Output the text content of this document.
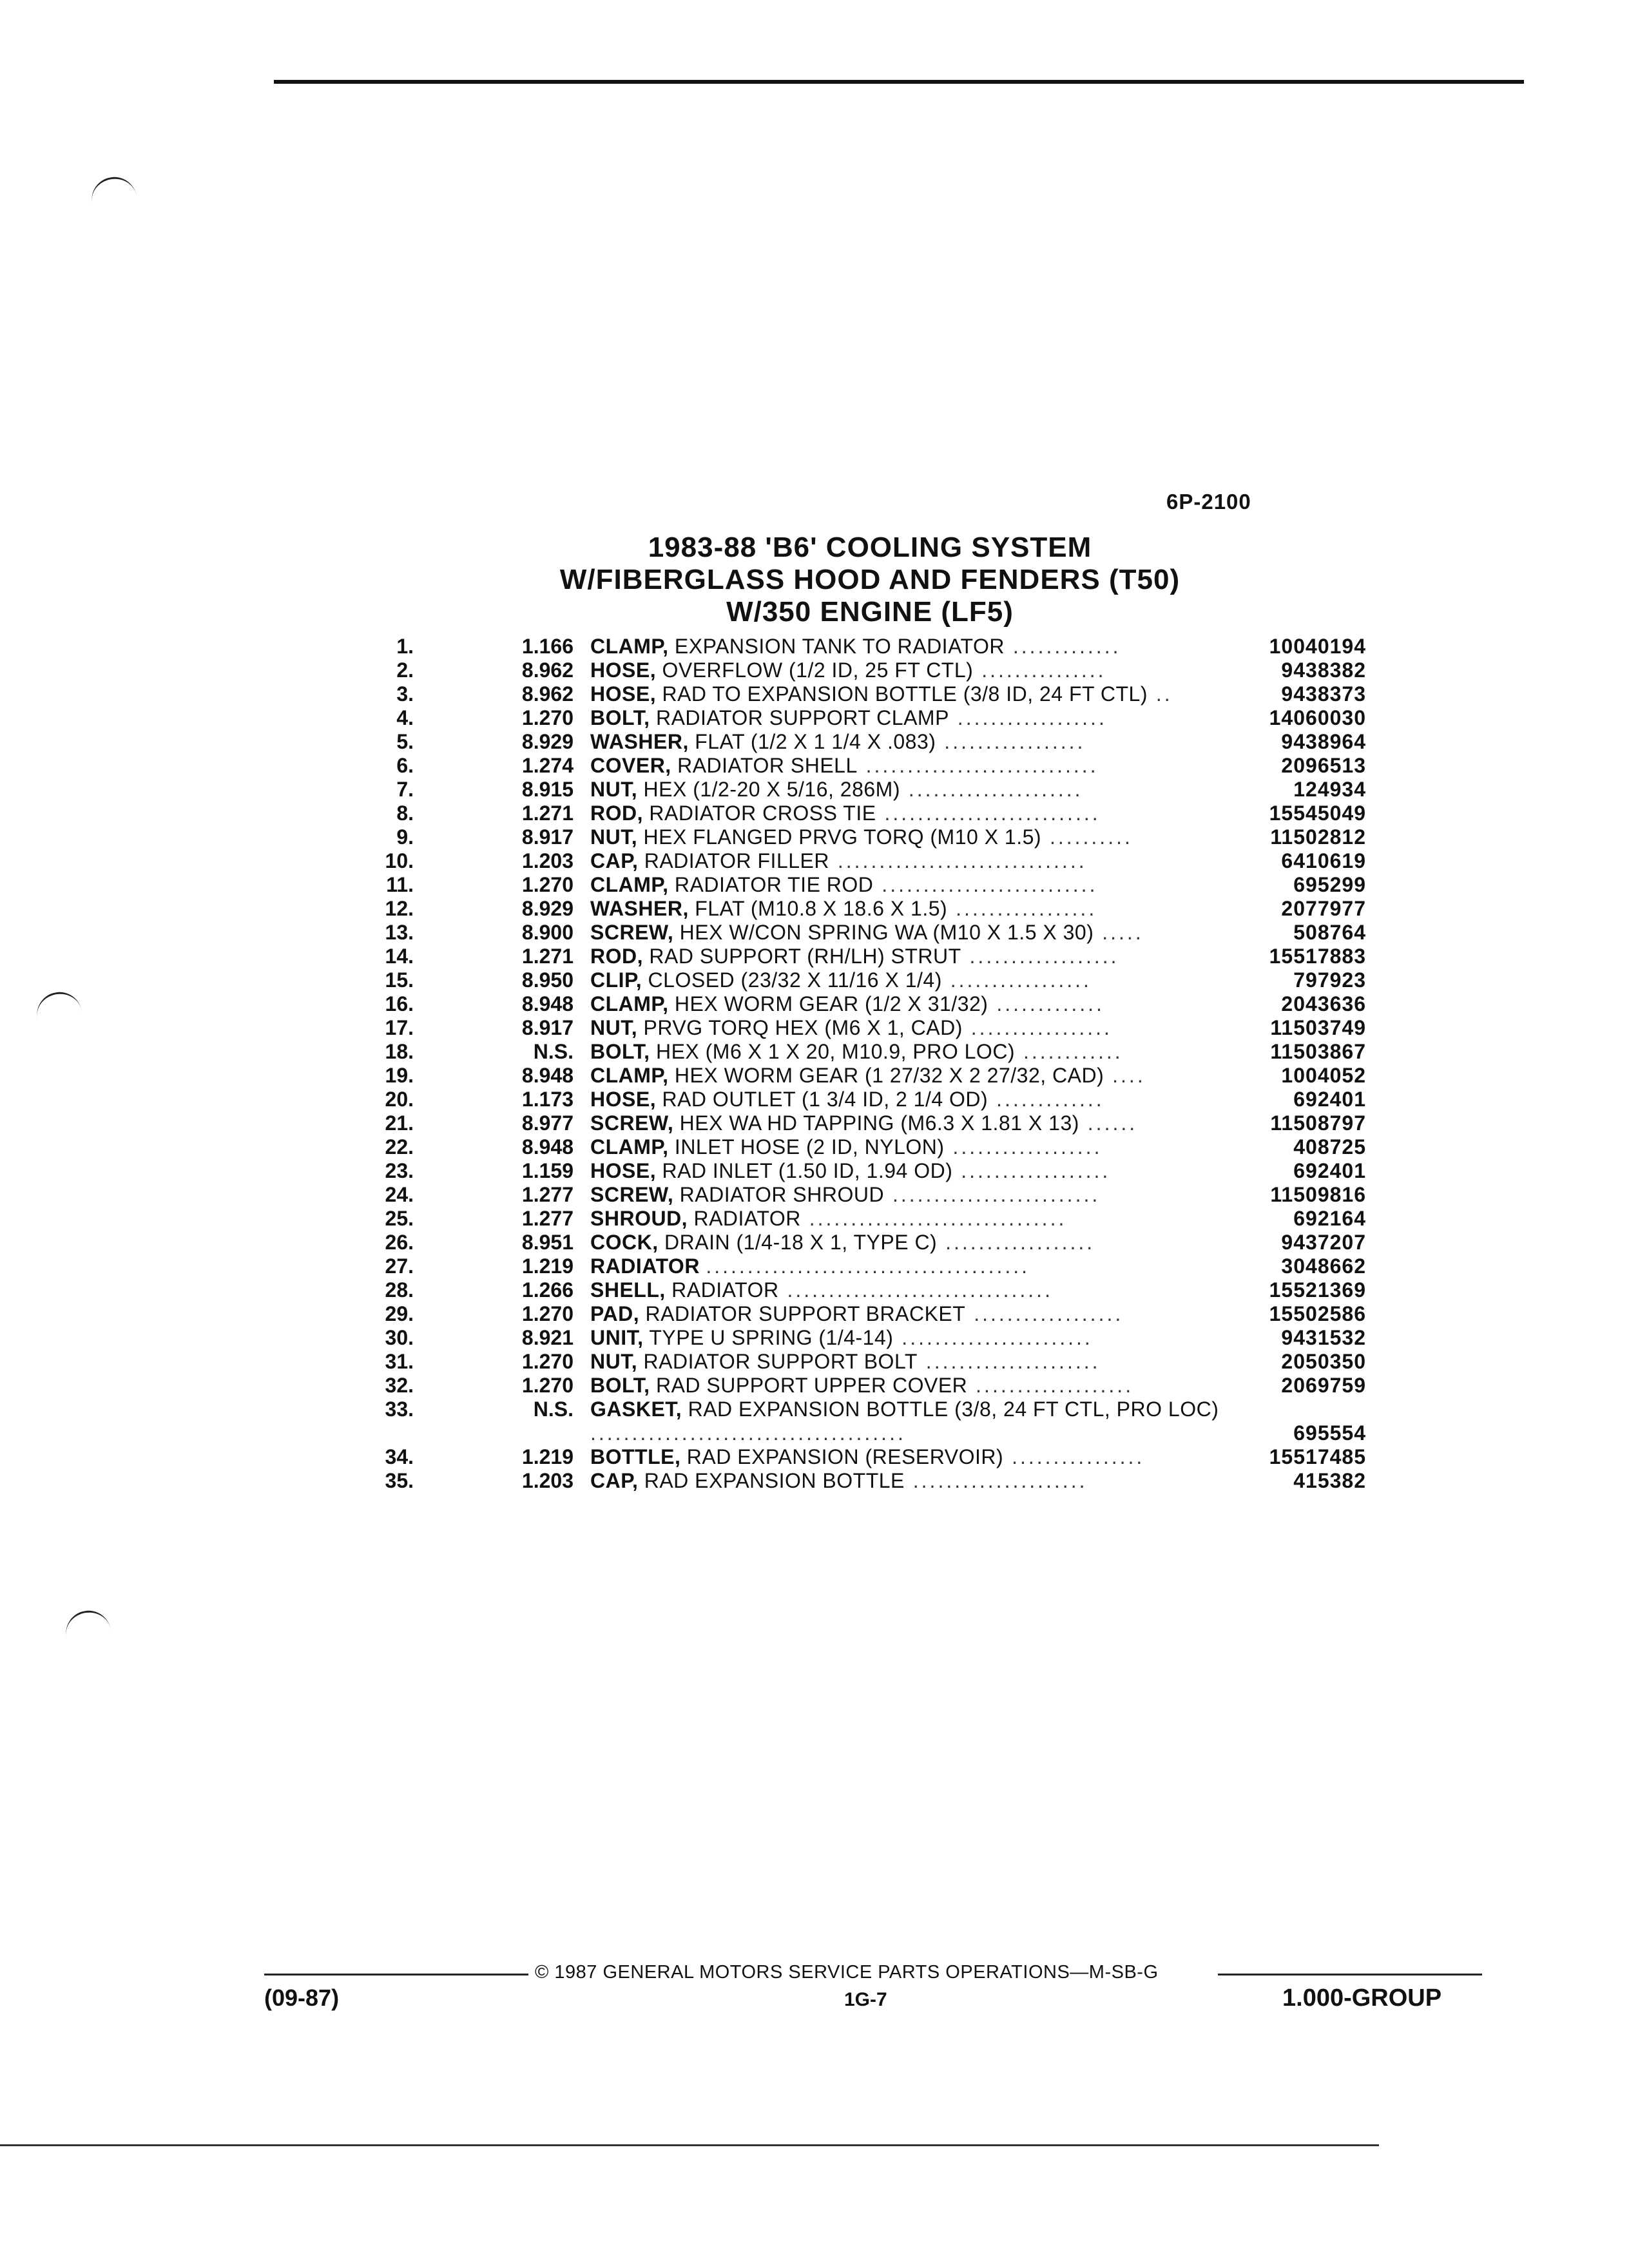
6P-2100
1983-88 'B6' COOLING SYSTEM
W/FIBERGLASS HOOD AND FENDERS (T50)
W/350 ENGINE (LF5)
1.	1.166 CLAMP, EXPANSION TANK TO RADIATOR .............	10040194
2.	8.962 HOSE, OVERFLOW (1/2 ID, 25 FT CTL) ...............	9438382
3.	8.962 HOSE, RAD TO EXPANSION BOTTLE (3/8 ID, 24 FT CTL) ..	9438373
4.	1.270 BOLT, RADIATOR SUPPORT CLAMP ..................	14060030
5.	8.929 WASHER, FLAT (1/2 X 1 1/4 X .083) .................	9438964
6.	1.274 COVER, RADIATOR SHELL ............................	2096513
7.	8.915 NUT, HEX (1/2-20 X 5/16, 286M) .....................	124934
8.	1.271 ROD, RADIATOR CROSS TIE ..........................	15545049
9.	8.917 NUT, HEX FLANGED PRVG TORQ (M10 X 1.5) ..........	11502812
10.	1.203 CAP, RADIATOR FILLER ..............................	6410619
11.	1.270 CLAMP, RADIATOR TIE ROD ..........................	695299
12.	8.929 WASHER, FLAT (M10.8 X 18.6 X 1.5) .................	2077977
13.	8.900 SCREW, HEX W/CON SPRING WA (M10 X 1.5 X 30) .....	508764
14.	1.271 ROD, RAD SUPPORT (RH/LH) STRUT ..................	15517883
15.	8.950 CLIP, CLOSED (23/32 X 11/16 X 1/4) .................	797923
16.	8.948 CLAMP, HEX WORM GEAR (1/2 X 31/32) .............	2043636
17.	8.917 NUT, PRVG TORQ HEX (M6 X 1, CAD) .................	11503749
18.	N.S. BOLT, HEX (M6 X 1 X 20, M10.9, PRO LOC) ............	11503867
19.	8.948 CLAMP, HEX WORM GEAR (1 27/32 X 2 27/32, CAD) ....	1004052
20.	1.173 HOSE, RAD OUTLET (1 3/4 ID, 2 1/4 OD) .............	692401
21.	8.977 SCREW, HEX WA HD TAPPING (M6.3 X 1.81 X 13) ......	11508797
22.	8.948 CLAMP, INLET HOSE (2 ID, NYLON) ..................	408725
23.	1.159 HOSE, RAD INLET (1.50 ID, 1.94 OD) ..................	692401
24.	1.277 SCREW, RADIATOR SHROUD .........................	11509816
25.	1.277 SHROUD, RADIATOR ...............................	692164
26.	8.951 COCK, DRAIN (1/4-18 X 1, TYPE C) ..................	9437207
27.	1.219 RADIATOR .......................................	3048662
28.	1.266 SHELL, RADIATOR ................................	15521369
29.	1.270 PAD, RADIATOR SUPPORT BRACKET ..................	15502586
30.	8.921 UNIT, TYPE U SPRING (1/4-14) .......................	9431532
31.	1.270 NUT, RADIATOR SUPPORT BOLT .....................	2050350
32.	1.270 BOLT, RAD SUPPORT UPPER COVER ...................	2069759
33.	N.S. GASKET, RAD EXPANSION BOTTLE (3/8, 24 FT CTL, PRO LOC) ......................................	695554
34.	1.219 BOTTLE, RAD EXPANSION (RESERVOIR) ................	15517485
35.	1.203 CAP, RAD EXPANSION BOTTLE .....................	415382
© 1987 GENERAL MOTORS SERVICE PARTS OPERATIONS—M-SB-G
(09-87)	1G-7	1.000-GROUP
